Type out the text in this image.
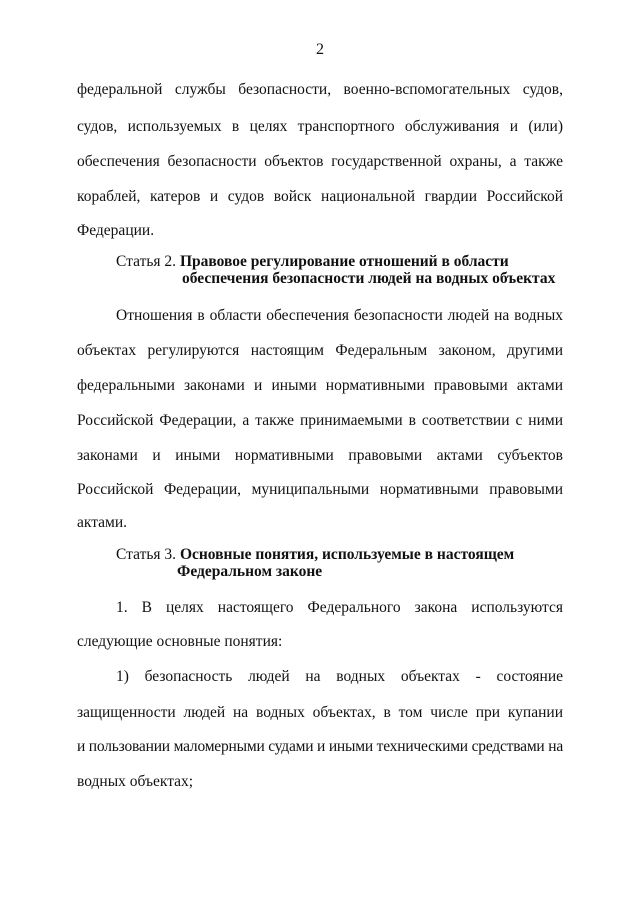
2
федеральной службы безопасности, военно-вспомогательных судов,
судов, используемых в целях транспортного обслуживания и (или)
обеспечения безопасности объектов государственной охраны, а также
кораблей, катеров и судов войск национальной гвардии Российской
Федерации.
Статья 2. Правовое регулирование отношений в области
обеспечения безопасности людей на водных объектах
Отношения в области обеспечения безопасности людей на водных
объектах регулируются настоящим Федеральным законом, другими
федеральными законами и иными нормативными правовыми актами
Российской Федерации, а также принимаемыми в соответствии с ними
законами и иными нормативными правовыми актами субъектов
Российской Федерации, муниципальными нормативными правовыми
актами.
Статья 3. Основные понятия, используемые в настоящем
Федеральном законе
1. В целях настоящего Федерального закона используются
следующие основные понятия:
1) безопасность людей на водных объектах - состояние
защищенности людей на водных объектах, в том числе при купании
и пользовании маломерными судами и иными техническими средствами на
водных объектах;
